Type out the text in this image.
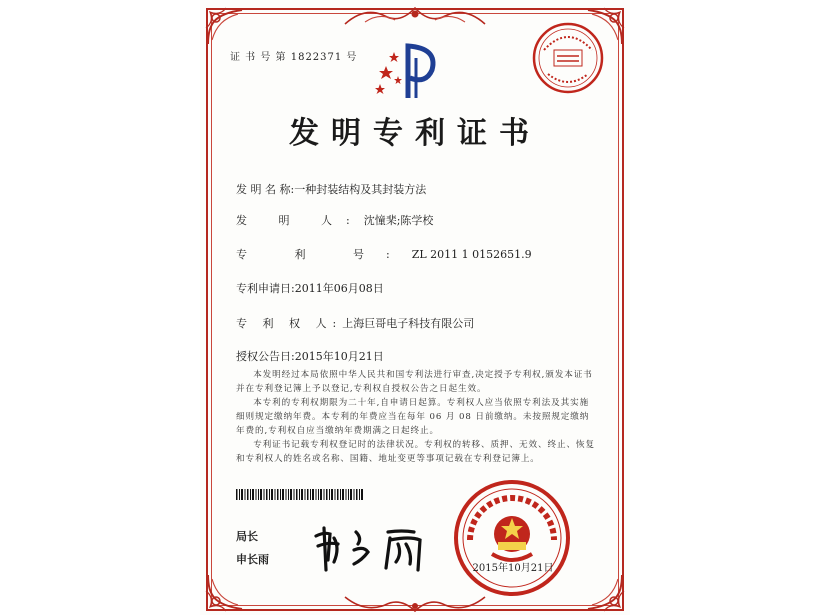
证 书 号 第 1822371 号
发明专利证书
发 明 名 称:一种封装结构及其封装方法
发 明 人:沈憧棐;陈学校
专 利 号:ZL 2011 1 0152651.9
专利申请日:2011年06月08日
专 利 权 人:上海巨哥电子科技有限公司
授权公告日:2015年10月21日

本发明经过本局依照中华人民共和国专利法进行审查,决定授予专利权,颁发本证书并在专利登记簿上予以登记,专利权自授权公告之日起生效。

本专利的专利权期限为二十年,自申请日起算。专利权人应当依照专利法及其实施细则规定缴纳年费。本专利的年费应当在每年 06 月 08 日前缴纳。未按照规定缴纳年费的,专利权自应当缴纳年费期满之日起终止。

专利证书记载专利权登记时的法律状况。专利权的转移、质押、无效、终止、恢复和专利权人的姓名或名称、国籍、地址变更等事项记载在专利登记簿上。

局长
申长雨
2015年10月21日
